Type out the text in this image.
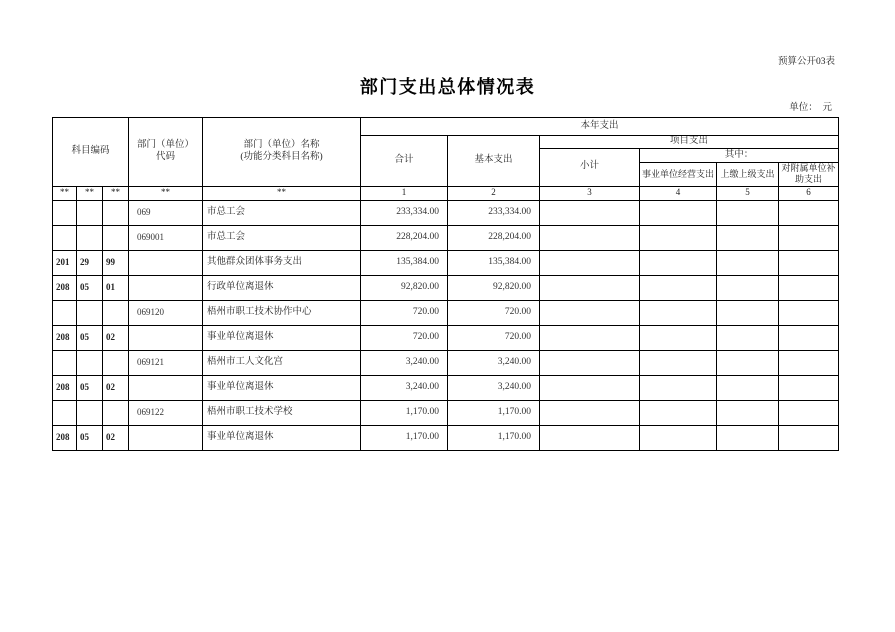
预算公开03表
部门支出总体情况表
单位：  元
科目编码			部门（单位）
代码	部门（单位）名称
(功能分类科目名称)	本年支出					
					合计	基本支出	项目支出			
							小计	其中：		
								事业单位经营支出	上缴上级支出	对附属单位补
助支出
**	**	**	**	**	1	2	3	4	5	6
			069	市总工会	233,334.00	233,334.00				
			069001	市总工会	228,204.00	228,204.00				
201	29	99		其他群众团体事务支出	135,384.00	135,384.00				
208	05	01		行政单位离退休	92,820.00	92,820.00				
			069120	梧州市职工技术协作中心	720.00	720.00				
208	05	02		事业单位离退休	720.00	720.00				
			069121	梧州市工人文化宫	3,240.00	3,240.00				
208	05	02		事业单位离退休	3,240.00	3,240.00				
			069122	梧州市职工技术学校	1,170.00	1,170.00				
208	05	02		事业单位离退休	1,170.00	1,170.00				
